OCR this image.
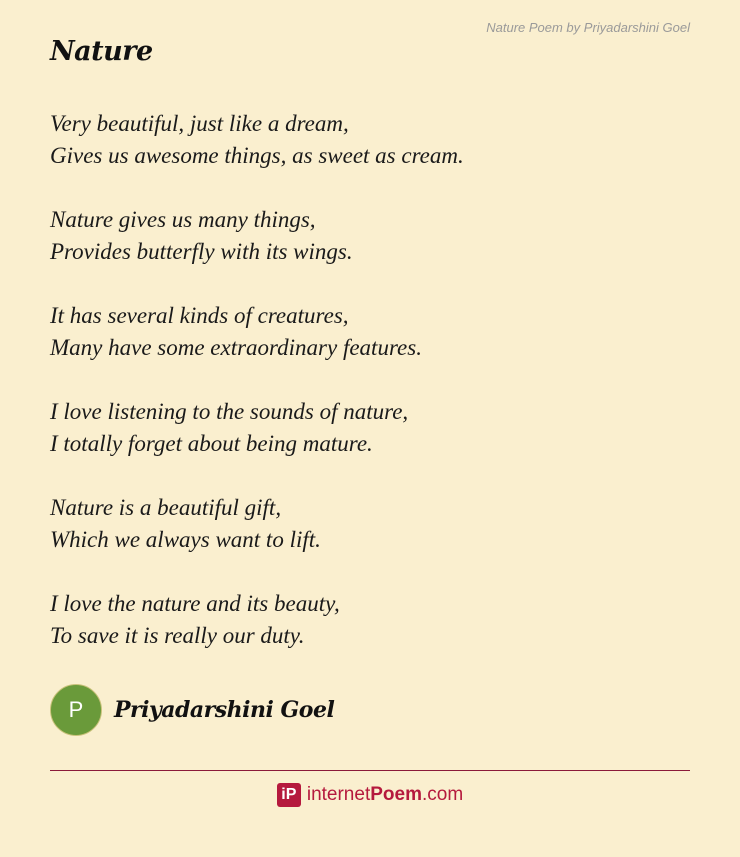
Nature Poem by Priyadarshini Goel
Nature
Very beautiful, just like a dream,
Gives us awesome things, as sweet as cream.
Nature gives us many things,
Provides butterfly with its wings.
It has several kinds of creatures,
Many have some extraordinary features.
I love listening to the sounds of nature,
I totally forget about being mature.
Nature is a beautiful gift,
Which we always want to lift.
I love the nature and its beauty,
To save it is really our duty.
P	Priyadarshini Goel
iP internetPoem.com
